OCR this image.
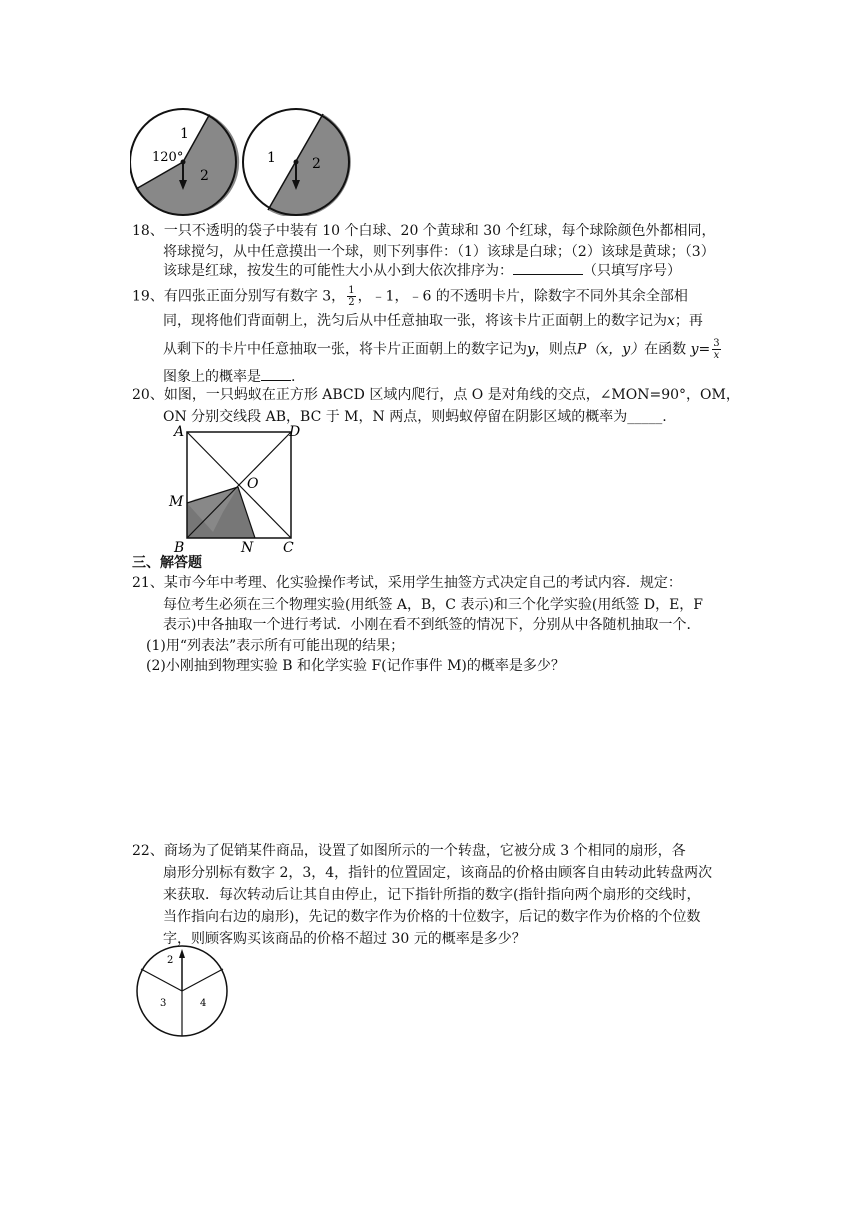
1
2
120°	1	2
18、一只不透明的袋子中装有 10 个白球、20 个黄球和 30 个红球，每个球除颜色外都相同，
将球搅匀，从中任意摸出一个球，则下列事件：（1）该球是白球；（2）该球是黄球；（3）
该球是红球，按发生的可能性大小从小到大依次排序为：	（只填写序号）
19、有四张正面分别写有数字 3， $\frac{1}{2}$ ，﹣1，﹣6 的不透明卡片，除数字不同外其余全部相
同，现将他们背面朝上，洗匀后从中任意抽取一张，将该卡片正面朝上的数字记为x；再
从剩下的卡片中任意抽取一张，将卡片正面朝上的数字记为y，则点P（x，y）在函数 $y= \frac{3}{x}$
图象上的概率是 .
20、如图，一只蚂蚁在正方形 ABCD 区域内爬行，点 O 是对角线的交点，∠MON=90°，OM，
ON 分别交线段 AB，BC 于 M，N 两点，则蚂蚁停留在阴影区域的概率为_____.
A	D
M
O
B	N C
三、解答题
21、某市今年中考理、化实验操作考试，采用学生抽签方式决定自己的考试内容．规定：
每位考生必须在三个物理实验(用纸签 A，B，C 表示)和三个化学实验(用纸签 D，E，F
表示)中各抽取一个进行考试．小刚在看不到纸签的情况下，分别从中各随机抽取一个．
(1)用“列表法”表示所有可能出现的结果；
(2)小刚抽到物理实验 B 和化学实验 F(记作事件 M)的概率是多少？
22、商场为了促销某件商品，设置了如图所示的一个转盘，它被分成 3 个相同的扇形，各
扇形分别标有数字 2，3，4，指针的位置固定，该商品的价格由顾客自由转动此转盘两次
来获取．每次转动后让其自由停止，记下指针所指的数字(指针指向两个扇形的交线时，
当作指向右边的扇形)，先记的数字作为价格的十位数字，后记的数字作为价格的个位数
字，则顾客购买该商品的价格不超过 30 元的概率是多少？
2
3	4
